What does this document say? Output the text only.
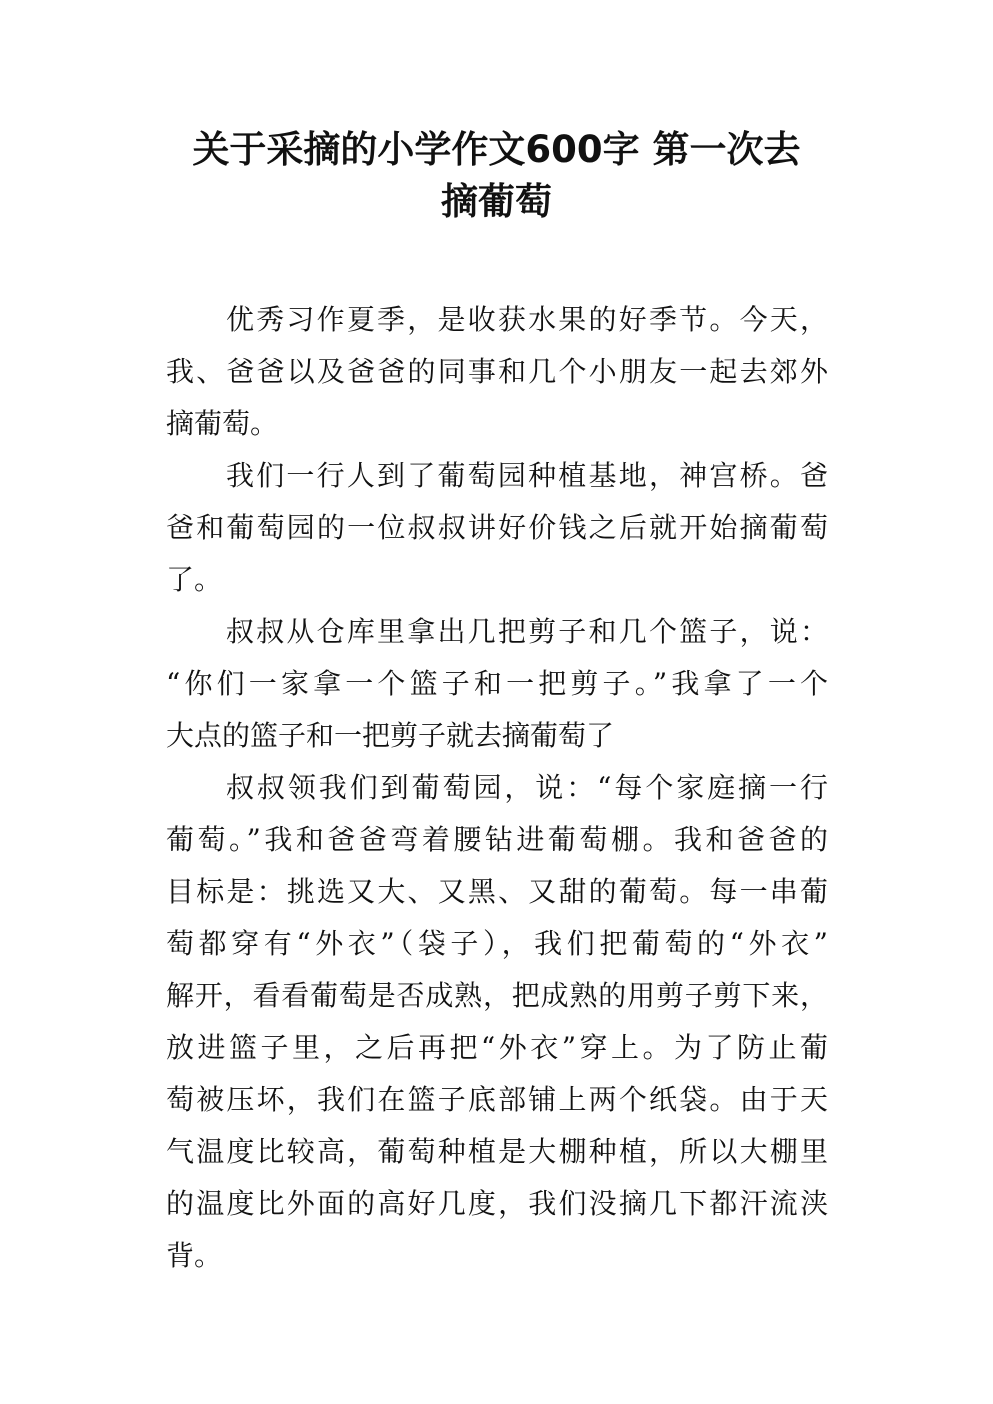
关于采摘的小学作文600字 第一次去
摘葡萄
优秀习作夏季，是收获水果的好季节。今天，
我、爸爸以及爸爸的同事和几个小朋友一起去郊外
摘葡萄。
我们一行人到了葡萄园种植基地，神宫桥。爸
爸和葡萄园的一位叔叔讲好价钱之后就开始摘葡萄
了。
叔叔从仓库里拿出几把剪子和几个篮子，说：
“你们一家拿一个篮子和一把剪子。”我拿了一个
大点的篮子和一把剪子就去摘葡萄了
叔叔领我们到葡萄园，说：“每个家庭摘一行
葡萄。”我和爸爸弯着腰钻进葡萄棚。我和爸爸的
目标是：挑选又大、又黑、又甜的葡萄。每一串葡
萄都穿有“外衣”（袋子），我们把葡萄的“外衣”
解开，看看葡萄是否成熟，把成熟的用剪子剪下来，
放进篮子里，之后再把“外衣”穿上。为了防止葡
萄被压坏，我们在篮子底部铺上两个纸袋。由于天
气温度比较高，葡萄种植是大棚种植，所以大棚里
的温度比外面的高好几度，我们没摘几下都汗流浃
背。
